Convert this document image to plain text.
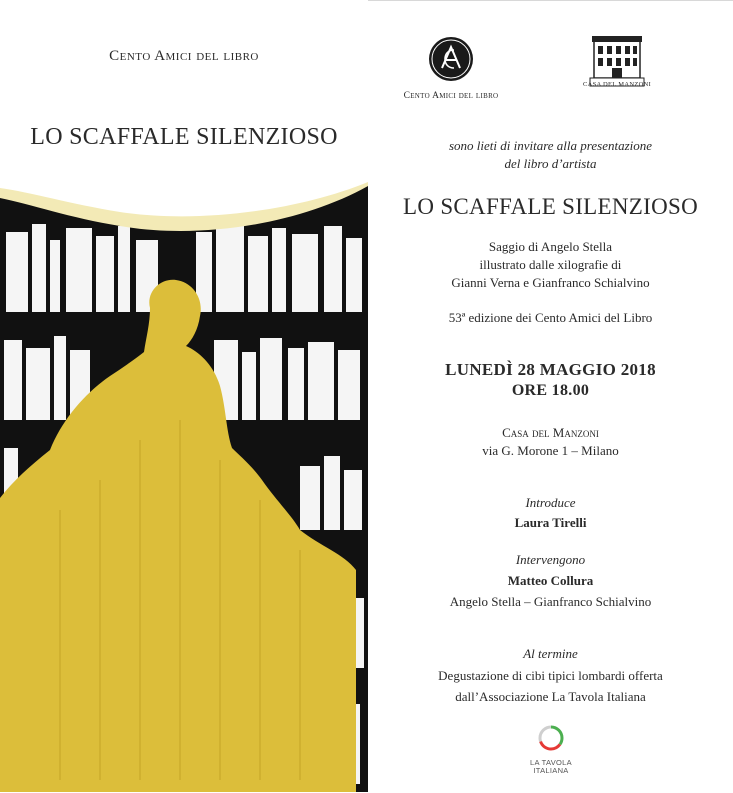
Cento Amici del libro
LO SCAFFALE SILENZIOSO
Cento Amici del libro
CASA DEL MANZONI
sono lieti di invitare alla presentazione
del libro d’artista
LO SCAFFALE SILENZIOSO
Saggio di Angelo Stella
illustrato dalle xilografie di
Gianni Verna e Gianfranco Schialvino
53ª edizione dei Cento Amici del Libro
LUNEDÌ 28 MAGGIO 2018
ORE 18.00
Casa del Manzoni
via G. Morone 1 – Milano
Introduce
Laura Tirelli
Intervengono
Matteo Collura
Angelo Stella – Gianfranco Schialvino
Al termine
Degustazione di cibi tipici lombardi offerta
dall’Associazione La Tavola Italiana
LA TAVOLA
ITALIANA
